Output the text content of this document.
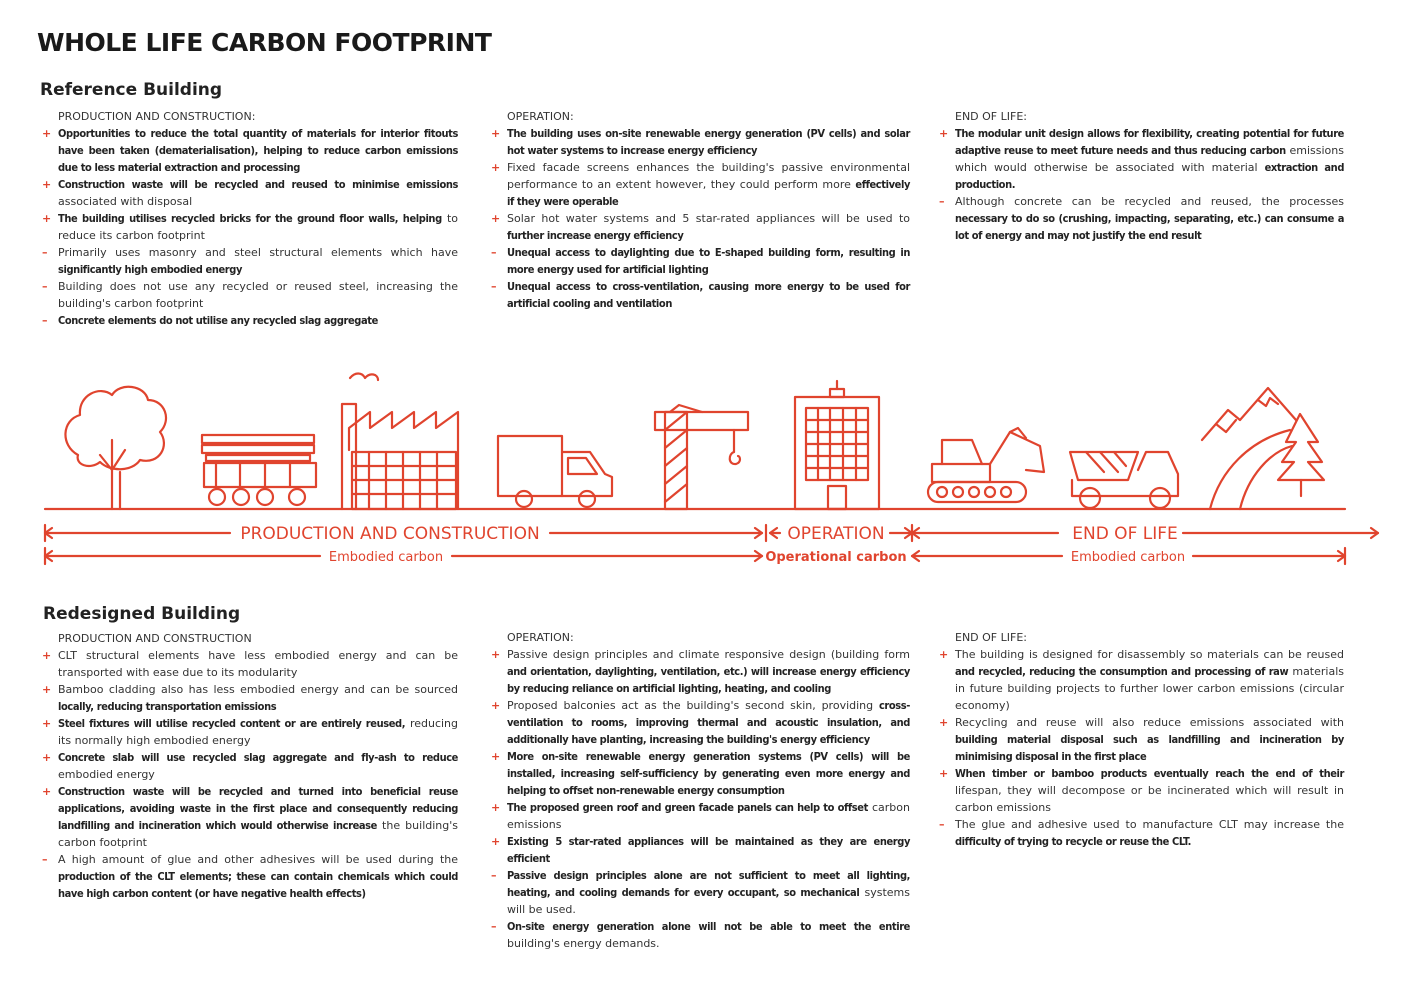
WHOLE LIFE CARBON FOOTPRINT
Reference Building
PRODUCTION AND CONSTRUCTION:
+ Opportunities to reduce the total quantity of materials for interior fitouts have been taken (dematerialisation), helping to reduce carbon emissions due to less material extraction and processing
+ Construction waste will be recycled and reused to minimise emissions associated with disposal
+ The building utilises recycled bricks for the ground floor walls, helping to reduce its carbon footprint
– Primarily uses masonry and steel structural elements which have significantly high embodied energy
– Building does not use any recycled or reused steel, increasing the building's carbon footprint
– Concrete elements do not utilise any recycled slag aggregate
OPERATION:
+ The building uses on-site renewable energy generation (PV cells) and solar hot water systems to increase energy efficiency
+ Fixed facade screens enhances the building's passive environmental performance to an extent however, they could perform more effectively if they were operable
+ Solar hot water systems and 5 star-rated appliances will be used to further increase energy efficiency
– Unequal access to daylighting due to E-shaped building form, resulting in more energy used for artificial lighting
– Unequal access to cross-ventilation, causing more energy to be used for artificial cooling and ventilation
END OF LIFE:
+ The modular unit design allows for flexibility, creating potential for future adaptive reuse to meet future needs and thus reducing carbon emissions which would otherwise be associated with material extraction and production.
– Although concrete can be recycled and reused, the processes necessary to do so (crushing, impacting, separating, etc.) can consume a lot of energy and may not justify the end result
PRODUCTION AND CONSTRUCTION	OPERATION	END OF LIFE
Embodied carbon	Operational carbon	Embodied carbon
Redesigned Building
PRODUCTION AND CONSTRUCTION
+ CLT structural elements have less embodied energy and can be transported with ease due to its modularity
+ Bamboo cladding also has less embodied energy and can be sourced locally, reducing transportation emissions
+ Steel fixtures will utilise recycled content or are entirely reused, reducing its normally high embodied energy
+ Concrete slab will use recycled slag aggregate and fly-ash to reduce embodied energy
+ Construction waste will be recycled and turned into beneficial reuse applications, avoiding waste in the first place and consequently reducing landfilling and incineration which would otherwise increase the building's carbon footprint
– A high amount of glue and other adhesives will be used during the production of the CLT elements; these can contain chemicals which could have high carbon content (or have negative health effects)
OPERATION:
+ Passive design principles and climate responsive design (building form and orientation, daylighting, ventilation, etc.) will increase energy efficiency by reducing reliance on artificial lighting, heating, and cooling
+ Proposed balconies act as the building's second skin, providing cross-ventilation to rooms, improving thermal and acoustic insulation, and additionally have planting, increasing the building's energy efficiency
+ More on-site renewable energy generation systems (PV cells) will be installed, increasing self-sufficiency by generating even more energy and helping to offset non-renewable energy consumption
+ The proposed green roof and green facade panels can help to offset carbon emissions
+ Existing 5 star-rated appliances will be maintained as they are energy efficient
– Passive design principles alone are not sufficient to meet all lighting, heating, and cooling demands for every occupant, so mechanical systems will be used.
– On-site energy generation alone will not be able to meet the entire building's energy demands.
END OF LIFE:
+ The building is designed for disassembly so materials can be reused and recycled, reducing the consumption and processing of raw materials in future building projects to further lower carbon emissions (circular economy)
+ Recycling and reuse will also reduce emissions associated with building material disposal such as landfilling and incineration by minimising disposal in the first place
+ When timber or bamboo products eventually reach the end of their lifespan, they will decompose or be incinerated which will result in carbon emissions
– The glue and adhesive used to manufacture CLT may increase the difficulty of trying to recycle or reuse the CLT.
